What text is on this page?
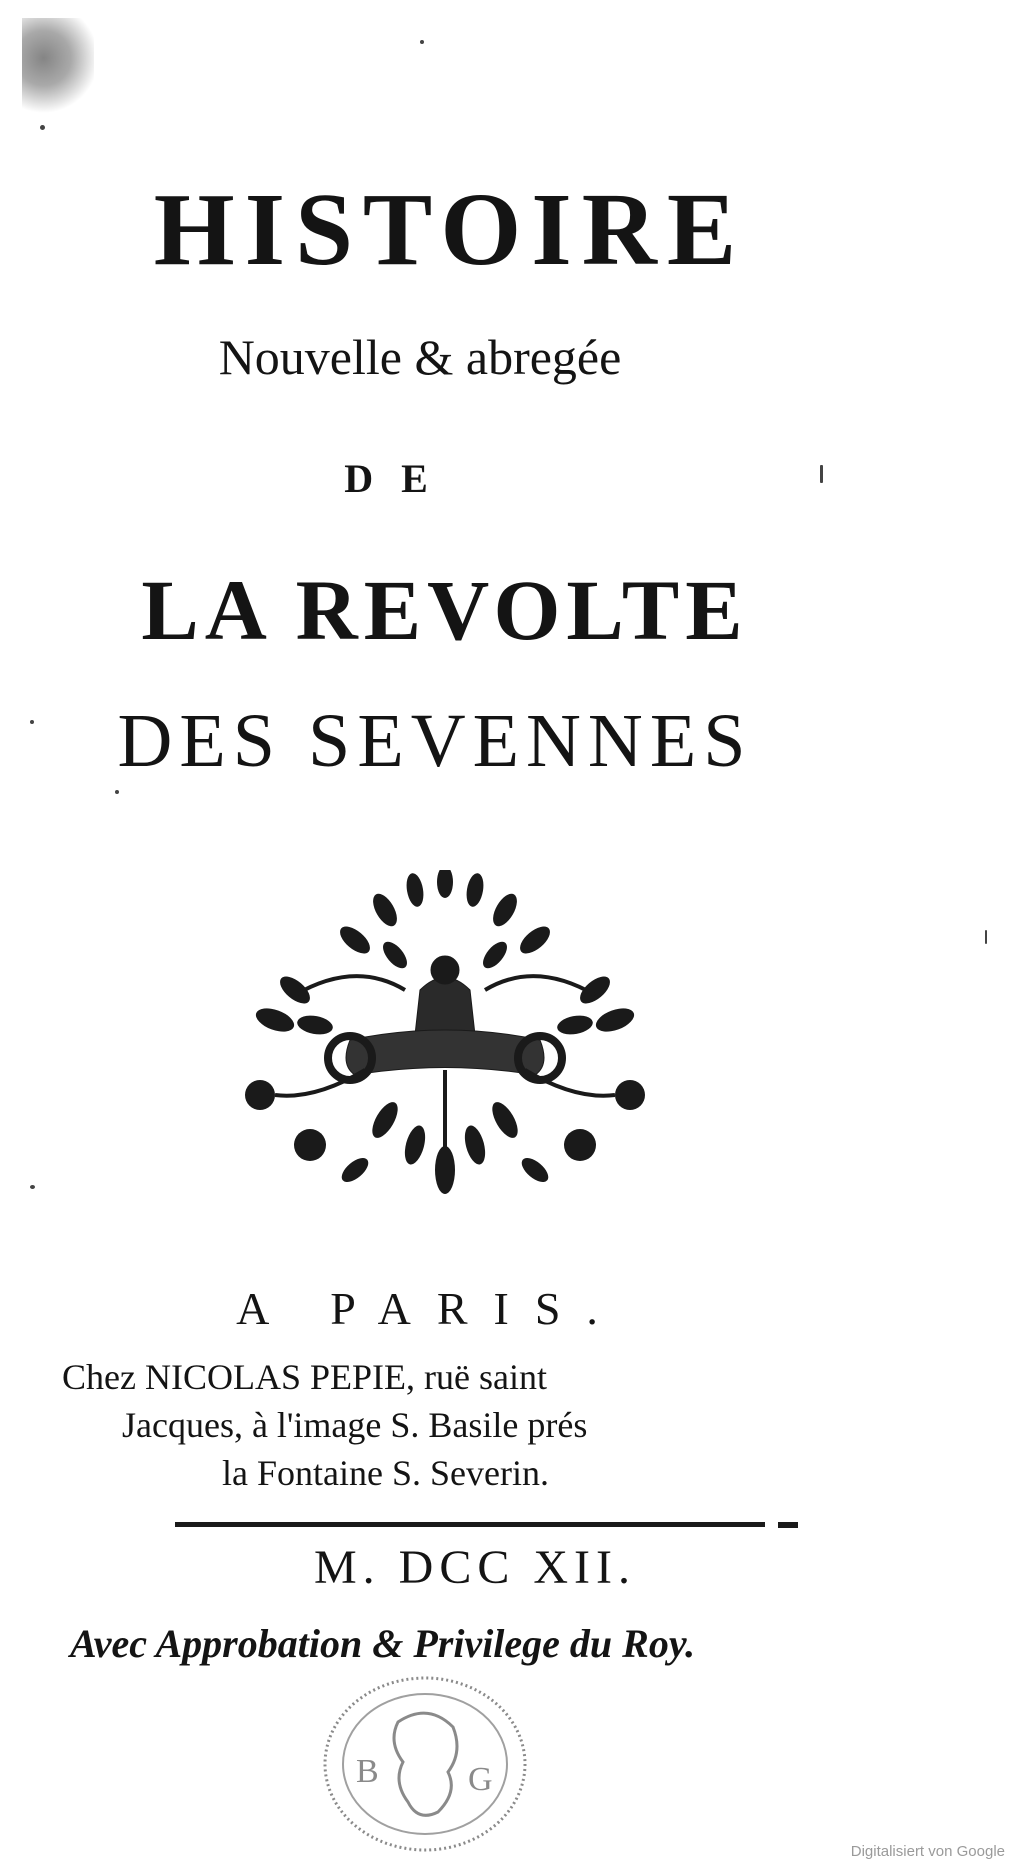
HISTOIRE
Nouvelle & abregée
DE
LA REVOLTE
DES SEVENNES
A PARIS.
Chez NICOLAS PEPIE, ruë saint
Jacques, à l'image S. Basile prés
la Fontaine S. Severin.
M. DCC XII.
Avec Approbation & Privilege du Roy.
B	G
Digitalisiert von Google
